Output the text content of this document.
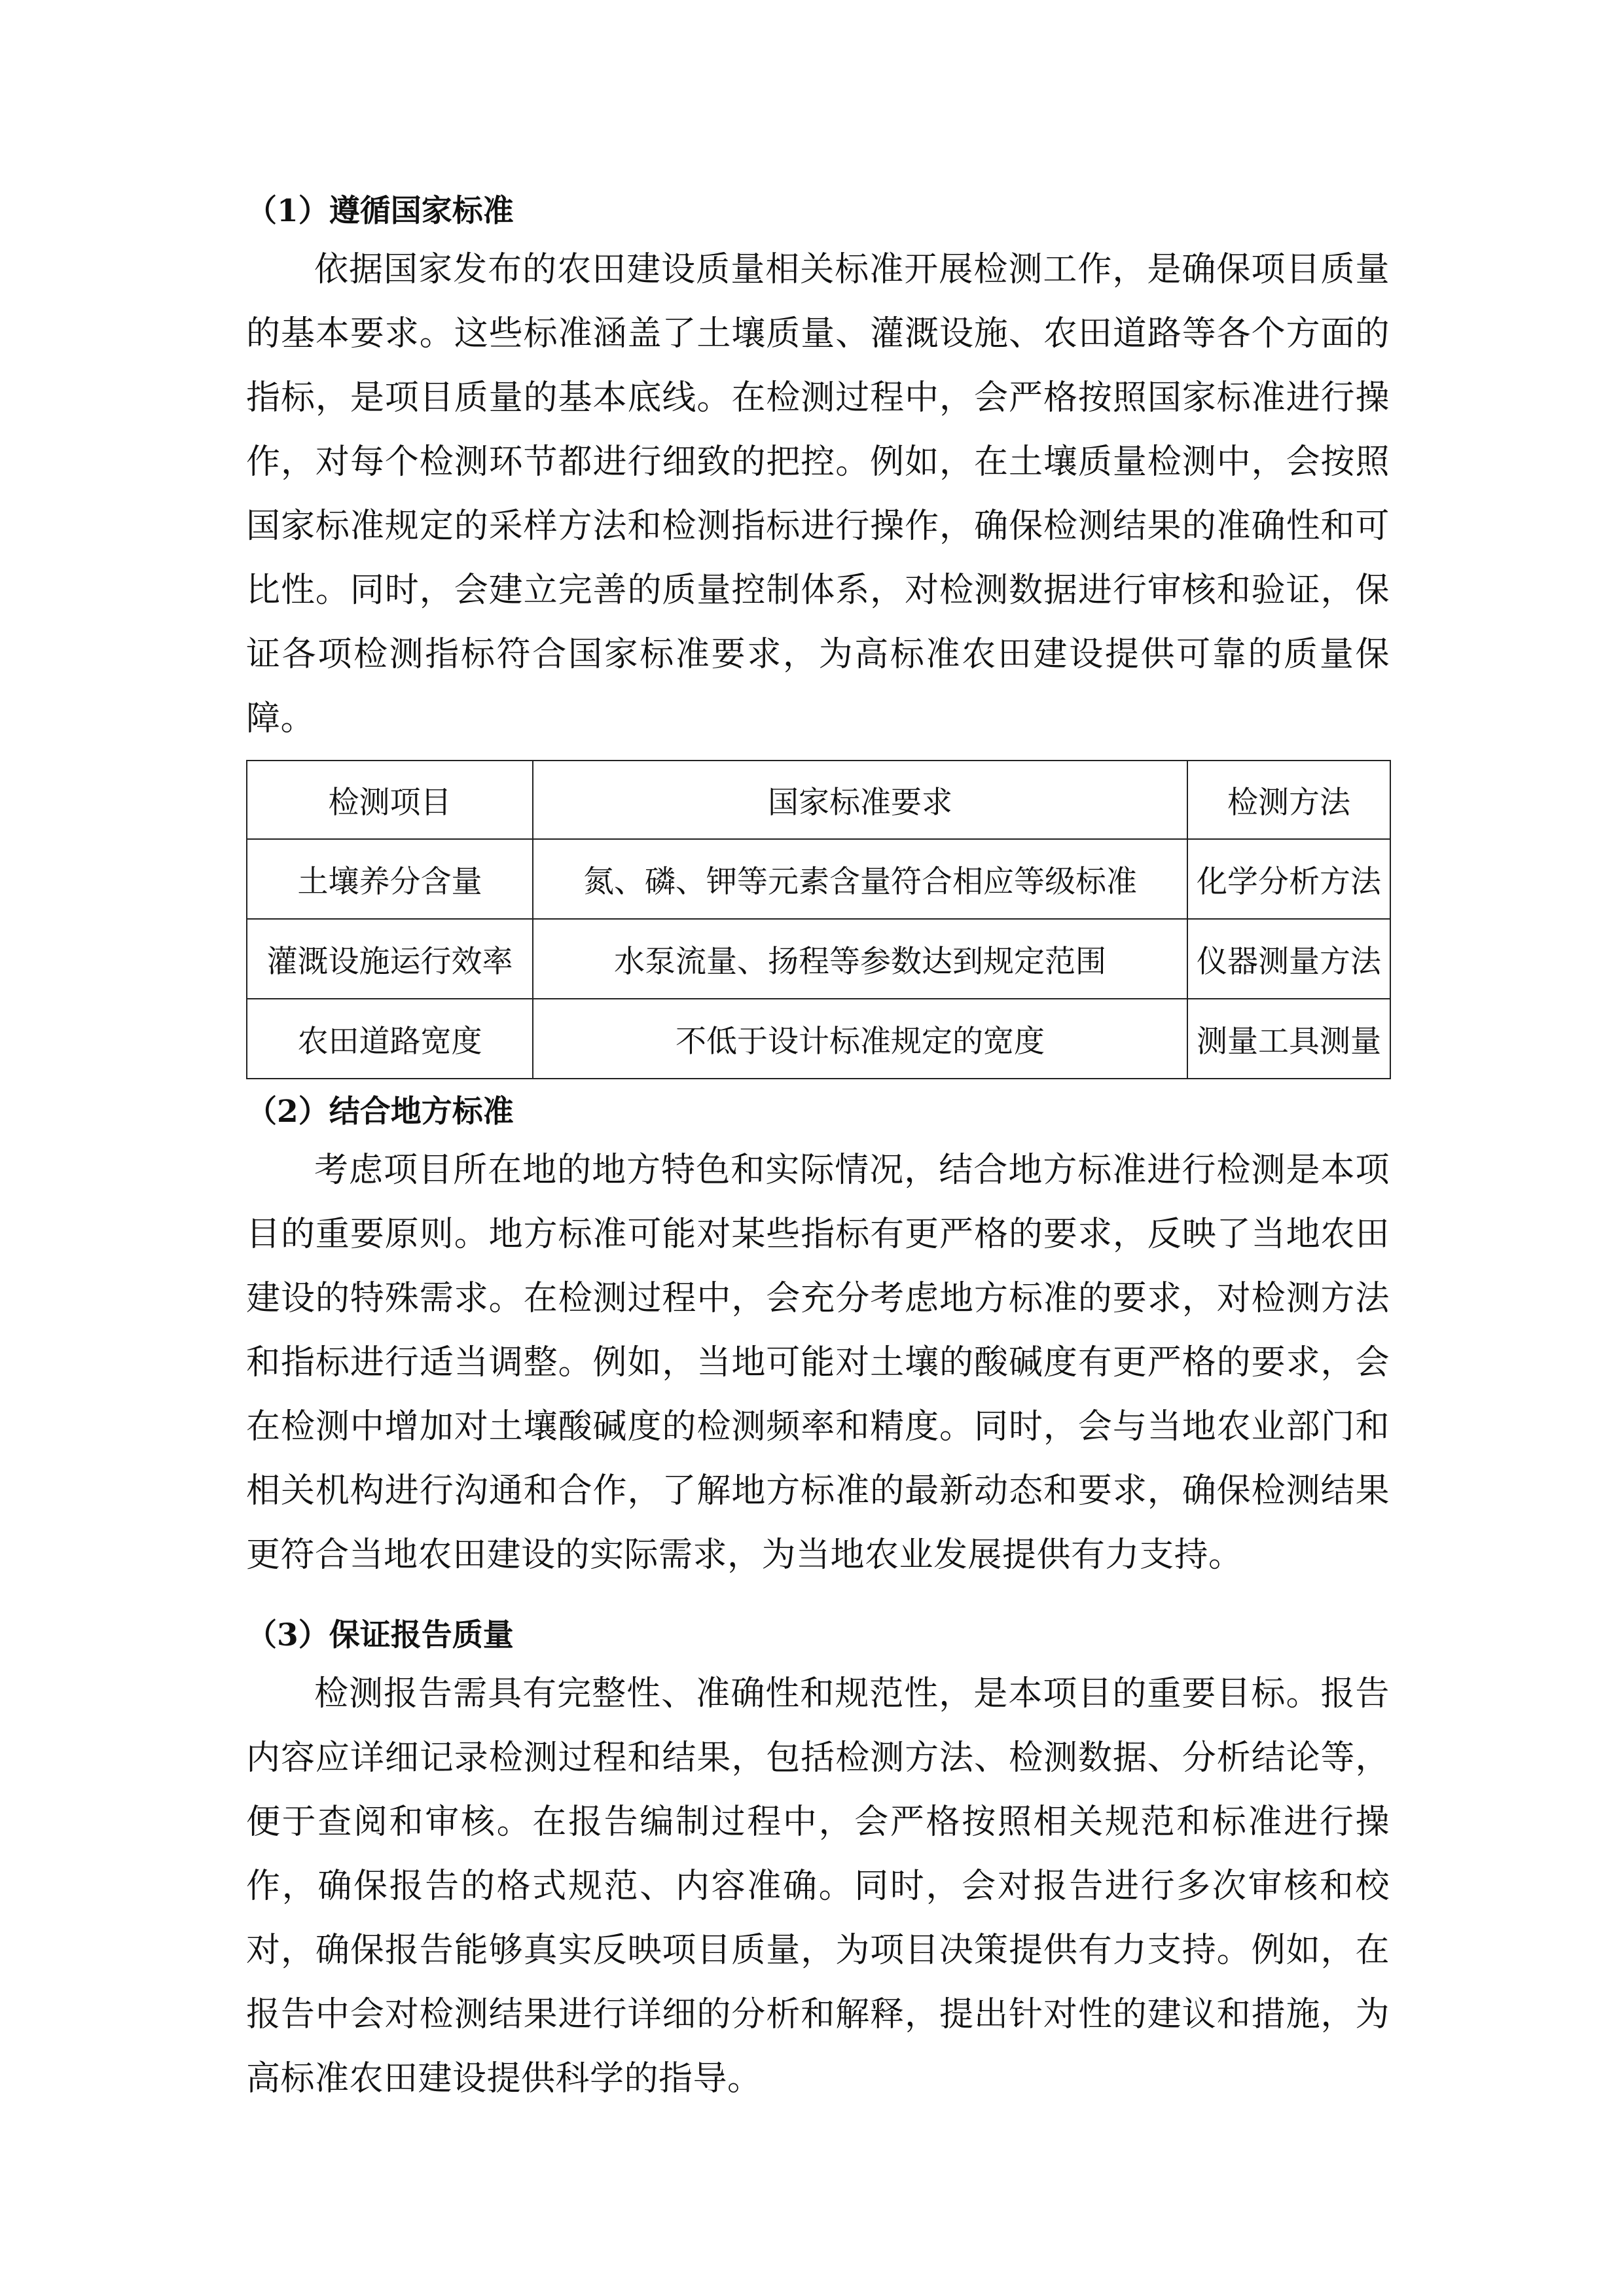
（1）遵循国家标准

依据国家发布的农田建设质量相关标准开展检测工作，是确保项目质量的基本要求。这些标准涵盖了土壤质量、灌溉设施、农田道路等各个方面的指标，是项目质量的基本底线。在检测过程中，会严格按照国家标准进行操作，对每个检测环节都进行细致的把控。例如，在土壤质量检测中，会按照国家标准规定的采样方法和检测指标进行操作，确保检测结果的准确性和可比性。同时，会建立完善的质量控制体系，对检测数据进行审核和验证，保证各项检测指标符合国家标准要求，为高标准农田建设提供可靠的质量保障。

检测项目	国家标准要求	检测方法
土壤养分含量	氮、磷、钾等元素含量符合相应等级标准	化学分析方法
灌溉设施运行效率	水泵流量、扬程等参数达到规定范围	仪器测量方法
农田道路宽度	不低于设计标准规定的宽度	测量工具测量
（2）结合地方标准

考虑项目所在地的地方特色和实际情况，结合地方标准进行检测是本项目的重要原则。地方标准可能对某些指标有更严格的要求，反映了当地农田建设的特殊需求。在检测过程中，会充分考虑地方标准的要求，对检测方法和指标进行适当调整。例如，当地可能对土壤的酸碱度有更严格的要求，会在检测中增加对土壤酸碱度的检测频率和精度。同时，会与当地农业部门和相关机构进行沟通和合作，了解地方标准的最新动态和要求，确保检测结果更符合当地农田建设的实际需求，为当地农业发展提供有力支持。

（3）保证报告质量

检测报告需具有完整性、准确性和规范性，是本项目的重要目标。报告内容应详细记录检测过程和结果，包括检测方法、检测数据、分析结论等，便于查阅和审核。在报告编制过程中，会严格按照相关规范和标准进行操作，确保报告的格式规范、内容准确。同时，会对报告进行多次审核和校对，确保报告能够真实反映项目质量，为项目决策提供有力支持。例如，在报告中会对检测结果进行详细的分析和解释，提出针对性的建议和措施，为高标准农田建设提供科学的指导。
